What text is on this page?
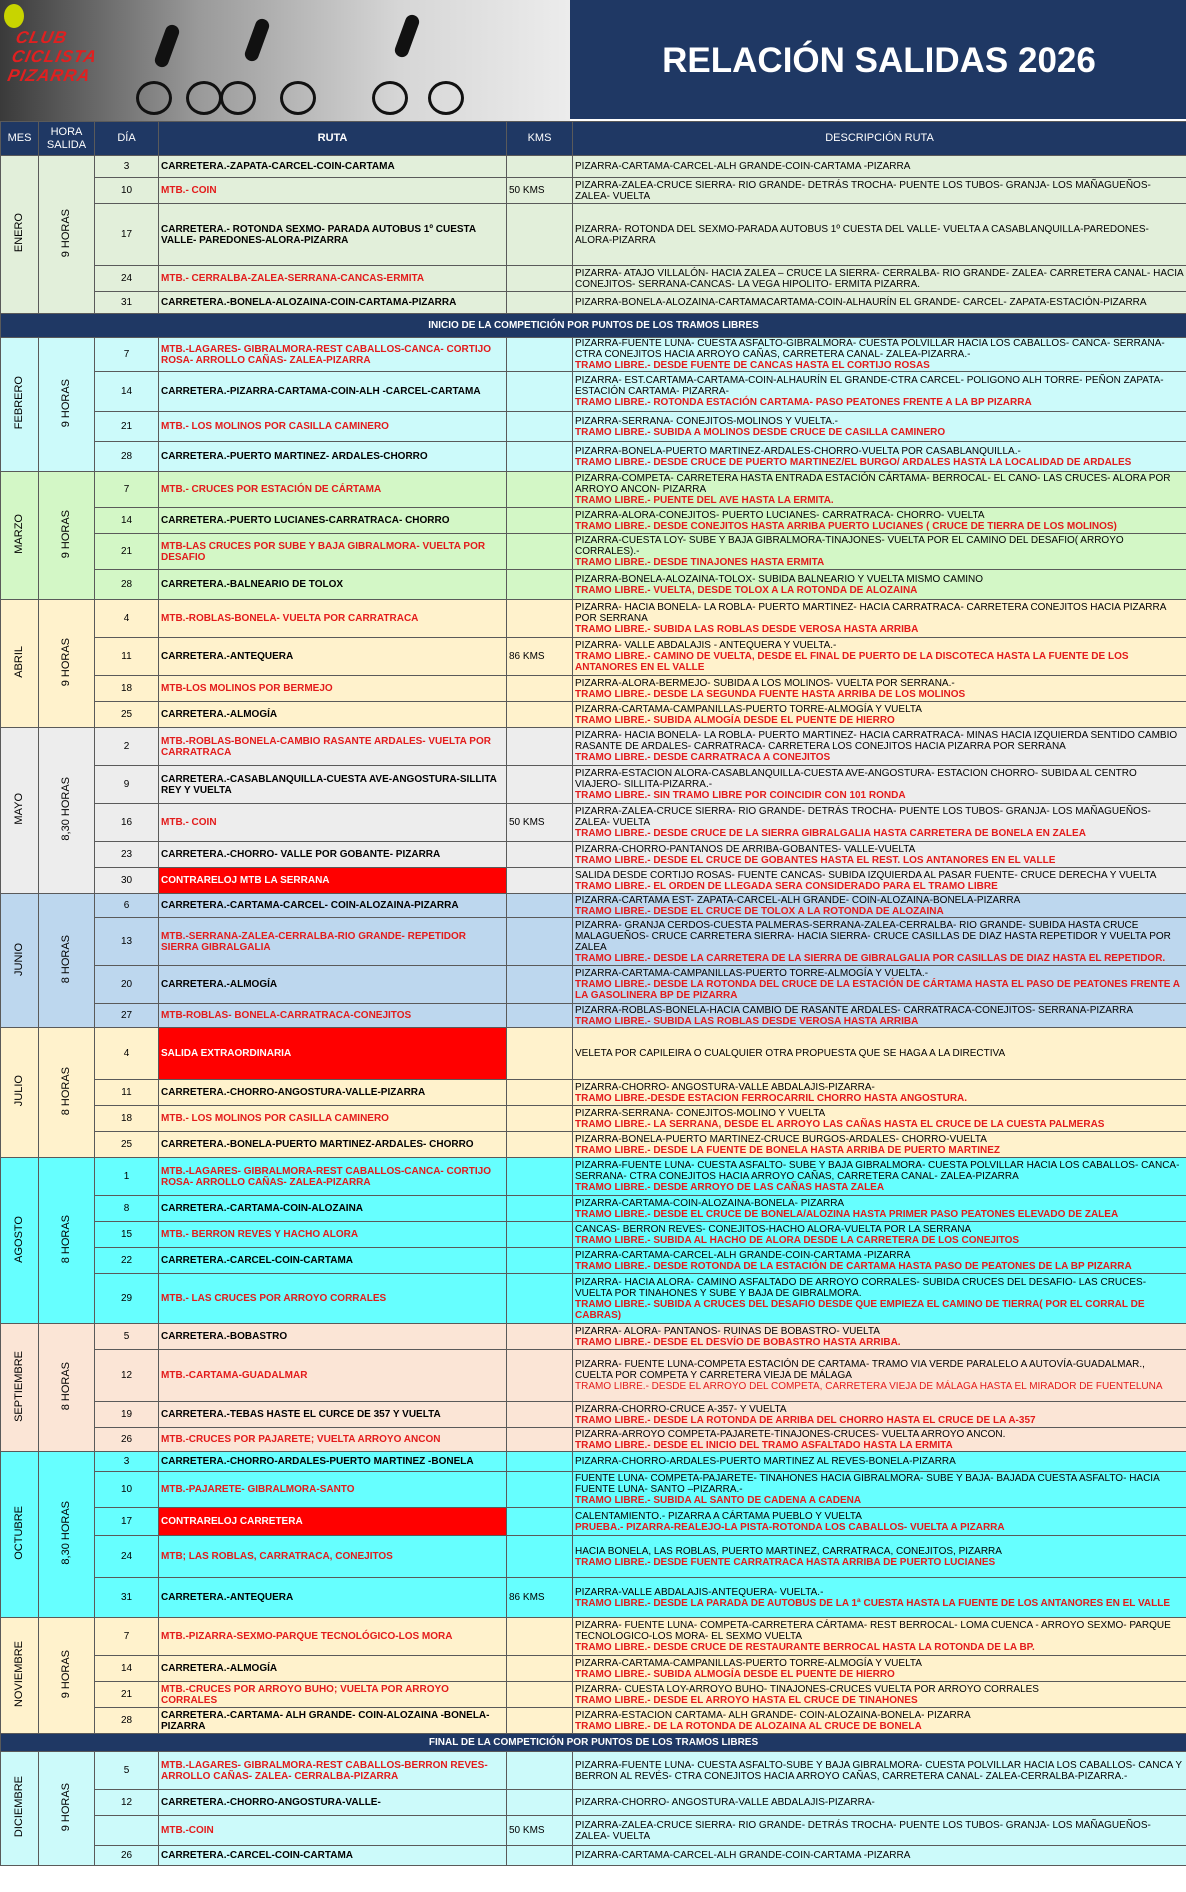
CLUB CICLISTA PIZARRA	RELACIÓN SALIDAS 2026
MES	HORA SALIDA	DÍA	RUTA	KMS	DESCRIPCIÓN RUTA
ENERO	9 HORAS	3	CARRETERA.-ZAPATA-CARCEL-COIN-CARTAMA		PIZARRA-CARTAMA-CARCEL-ALH GRANDE-COIN-CARTAMA -PIZARRA
		10	MTB.- COIN	50 KMS	PIZARRA-ZALEA-CRUCE SIERRA- RIO GRANDE- DETRÁS TROCHA- PUENTE LOS TUBOS- GRANJA- LOS MAÑAGUEÑOS- ZALEA- VUELTA
		17	CARRETERA.- ROTONDA SEXMO- PARADA AUTOBUS 1º CUESTA VALLE- PAREDONES-ALORA-PIZARRA		PIZARRA- ROTONDA DEL SEXMO-PARADA AUTOBUS 1º CUESTA DEL VALLE- VUELTA A CASABLANQUILLA-PAREDONES-ALORA-PIZARRA
		24	MTB.- CERRALBA-ZALEA-SERRANA-CANCAS-ERMITA		PIZARRA- ATAJO VILLALÓN- HACIA ZALEA – CRUCE LA SIERRA- CERRALBA- RIO GRANDE- ZALEA- CARRETERA CANAL- HACIA CONEJITOS- SERRANA-CANCAS- LA VEGA HIPOLITO- ERMITA PIZARRA.
		31	CARRETERA.-BONELA-ALOZAINA-COIN-CARTAMA-PIZARRA		PIZARRA-BONELA-ALOZAINA-CARTAMACARTAMA-COIN-ALHAURÍN EL GRANDE- CARCEL- ZAPATA-ESTACIÓN-PIZARRA
INICIO DE LA COMPETICIÓN POR PUNTOS DE LOS TRAMOS LIBRES					
FEBRERO	9 HORAS	7	MTB.-LAGARES- GIBRALMORA-REST CABALLOS-CANCA- CORTIJO ROSA- ARROLLO CAÑAS- ZALEA-PIZARRA		PIZARRA-FUENTE LUNA- CUESTA ASFALTO-GIBRALMORA- CUESTA POLVILLAR HACIA LOS CABALLOS- CANCA- SERRANA- CTRA CONEJITOS HACIA ARROYO CAÑAS, CARRETERA CANAL- ZALEA-PIZARRA.-
TRAMO LIBRE.- DESDE FUENTE DE CANCAS HASTA EL CORTIJO ROSAS

		14	CARRETERA.-PIZARRA-CARTAMA-COIN-ALH -CARCEL-CARTAMA		PIZARRA- EST.CARTAMA-CARTAMA-COIN-ALHAURÍN EL GRANDE-CTRA CARCEL- POLIGONO ALH TORRE- PEÑON ZAPATA- ESTACIÓN CARTAMA- PIZARRA-
TRAMO LIBRE.- ROTONDA ESTACIÓN CARTAMA- PASO PEATONES FRENTE A LA BP PIZARRA

		21	MTB.- LOS MOLINOS POR CASILLA CAMINERO		PIZARRA-SERRANA- CONEJITOS-MOLINOS Y VUELTA.-
TRAMO LIBRE.- SUBIDA A MOLINOS DESDE CRUCE DE CASILLA CAMINERO

		28	CARRETERA.-PUERTO MARTINEZ- ARDALES-CHORRO		PIZARRA-BONELA-PUERTO MARTINEZ-ARDALES-CHORRO-VUELTA POR CASABLANQUILLA.-
TRAMO LIBRE.- DESDE CRUCE DE PUERTO MARTINEZ/EL BURGO/ ARDALES HASTA LA LOCALIDAD DE ARDALES

MARZO	9 HORAS	7	MTB.- CRUCES POR ESTACIÓN DE CÁRTAMA		PIZARRA-COMPETA- CARRETERA HASTA ENTRADA ESTACIÓN CÁRTAMA- BERROCAL- EL CANO- LAS CRUCES- ALORA POR ARROYO ANCON- PIZARRA
TRAMO LIBRE.- PUENTE DEL AVE HASTA LA ERMITA.

		14	CARRETERA.-PUERTO LUCIANES-CARRATRACA- CHORRO		PIZARRA-ALORA-CONEJITOS- PUERTO LUCIANES- CARRATRACA- CHORRO- VUELTA
TRAMO LIBRE.- DESDE CONEJITOS HASTA ARRIBA PUERTO LUCIANES ( CRUCE DE TIERRA DE LOS MOLINOS)

		21	MTB-LAS CRUCES POR SUBE Y BAJA GIBRALMORA- VUELTA POR DESAFIO		PIZARRA-CUESTA LOY- SUBE Y BAJA GIBRALMORA-TINAJONES- VUELTA POR EL CAMINO DEL DESAFIO( ARROYO CORRALES).-
TRAMO LIBRE.- DESDE TINAJONES HASTA ERMITA

		28	CARRETERA.-BALNEARIO DE TOLOX		PIZARRA-BONELA-ALOZAINA-TOLOX- SUBIDA BALNEARIO Y VUELTA MISMO CAMINO
TRAMO LIBRE.- VUELTA, DESDE TOLOX A LA ROTONDA DE ALOZAINA

ABRIL	9 HORAS	4	MTB.-ROBLAS-BONELA- VUELTA POR CARRATRACA		PIZARRA- HACIA BONELA- LA ROBLA- PUERTO MARTINEZ- HACIA CARRATRACA- CARRETERA CONEJITOS HACIA PIZARRA POR SERRANA
TRAMO LIBRE.- SUBIDA LAS ROBLAS DESDE VEROSA HASTA ARRIBA

		11	CARRETERA.-ANTEQUERA	86 KMS	PIZARRA- VALLE ABDALAJIS - ANTEQUERA Y VUELTA.-
TRAMO LIBRE.- CAMINO DE VUELTA, DESDE EL FINAL DE PUERTO DE LA DISCOTECA HASTA LA FUENTE DE LOS ANTANORES EN EL VALLE

		18	MTB-LOS MOLINOS POR BERMEJO		PIZARRA-ALORA-BERMEJO- SUBIDA A LOS MOLINOS- VUELTA POR SERRANA.-
TRAMO LIBRE.- DESDE LA SEGUNDA FUENTE HASTA ARRIBA DE LOS MOLINOS

		25	CARRETERA.-ALMOGÍA		PIZARRA-CARTAMA-CAMPANILLAS-PUERTO TORRE-ALMOGÍA Y VUELTA
TRAMO LIBRE.- SUBIDA ALMOGÍA DESDE EL PUENTE DE HIERRO

MAYO	8,30 HORAS	2	MTB.-ROBLAS-BONELA-CAMBIO RASANTE ARDALES- VUELTA POR CARRATRACA		PIZARRA- HACIA BONELA- LA ROBLA- PUERTO MARTINEZ- HACIA CARRATRACA- MINAS HACIA IZQUIERDA SENTIDO CAMBIO RASANTE DE ARDALES- CARRATRACA- CARRETERA LOS CONEJITOS HACIA PIZARRA POR SERRANA
TRAMO LIBRE.- DESDE CARRATRACA A CONEJITOS

		9	CARRETERA.-CASABLANQUILLA-CUESTA AVE-ANGOSTURA-SILLITA REY Y VUELTA		PIZARRA-ESTACION ALORA-CASABLANQUILLA-CUESTA AVE-ANGOSTURA- ESTACION CHORRO- SUBIDA AL CENTRO VIAJERO- SILLITA-PIZARRA.-
TRAMO LIBRE.- SIN TRAMO LIBRE POR COINCIDIR CON 101 RONDA

		16	MTB.- COIN	50 KMS	PIZARRA-ZALEA-CRUCE SIERRA- RIO GRANDE- DETRÁS TROCHA- PUENTE LOS TUBOS- GRANJA- LOS MAÑAGUEÑOS- ZALEA- VUELTA
TRAMO LIBRE.- DESDE CRUCE DE LA SIERRA GIBRALGALIA HASTA CARRETERA DE BONELA EN ZALEA

		23	CARRETERA.-CHORRO- VALLE POR GOBANTE- PIZARRA		PIZARRA-CHORRO-PANTANOS DE ARRIBA-GOBANTES- VALLE-VUELTA
TRAMO LIBRE.- DESDE EL CRUCE DE GOBANTES HASTA EL REST. LOS ANTANORES EN EL VALLE

		30	CONTRARELOJ MTB LA SERRANA		SALIDA DESDE CORTIJO ROSAS- FUENTE CANCAS- SUBIDA IZQUIERDA AL PASAR FUENTE- CRUCE DERECHA Y VUELTA
TRAMO LIBRE.- EL ORDEN DE LLEGADA SERA CONSIDERADO PARA EL TRAMO LIBRE

JUNIO	8 HORAS	6	CARRETERA.-CARTAMA-CARCEL- COIN-ALOZAINA-PIZARRA		PIZARRA-CARTAMA EST- ZAPATA-CARCEL-ALH GRANDE- COIN-ALOZAINA-BONELA-PIZARRA
TRAMO LIBRE.- DESDE EL CRUCE DE TOLOX A LA ROTONDA DE ALOZAINA

		13	MTB.-SERRANA-ZALEA-CERRALBA-RIO GRANDE- REPETIDOR SIERRA GIBRALGALIA		PIZARRA- GRANJA CERDOS-CUESTA PALMERAS-SERRANA-ZALEA-CERRALBA- RIO GRANDE- SUBIDA HASTA CRUCE MALAGUEÑOS- CRUCE CARRETERA SIERRA- HACIA SIERRA- CRUCE CASILLAS DE DIAZ HASTA REPETIDOR Y VUELTA POR ZALEA
TRAMO LIBRE.- DESDE LA CARRETERA DE LA SIERRA DE GIBRALGALIA POR CASILLAS DE DIAZ HASTA EL REPETIDOR.

		20	CARRETERA.-ALMOGÍA		PIZARRA-CARTAMA-CAMPANILLAS-PUERTO TORRE-ALMOGÍA Y VUELTA.-
TRAMO LIBRE.- DESDE LA ROTONDA DEL CRUCE DE LA ESTACIÓN DE CÁRTAMA HASTA EL PASO DE PEATONES FRENTE A LA GASOLINERA BP DE PIZARRA

		27	MTB-ROBLAS- BONELA-CARRATRACA-CONEJITOS		PIZARRA-ROBLAS-BONELA-HACIA CAMBIO DE RASANTE ARDALES- CARRATRACA-CONEJITOS- SERRANA-PIZARRA
TRAMO LIBRE.- SUBIDA LAS ROBLAS DESDE VEROSA HASTA ARRIBA

JULIO	8 HORAS	4	SALIDA EXTRAORDINARIA		VELETA POR CAPILEIRA O CUALQUIER OTRA PROPUESTA QUE SE HAGA A LA DIRECTIVA
		11	CARRETERA.-CHORRO-ANGOSTURA-VALLE-PIZARRA		PIZARRA-CHORRO- ANGOSTURA-VALLE ABDALAJIS-PIZARRA-
TRAMO LIBRE.-DESDE ESTACION FERROCARRIL CHORRO HASTA ANGOSTURA.

		18	MTB.- LOS MOLINOS POR CASILLA CAMINERO		PIZARRA-SERRANA- CONEJITOS-MOLINO Y VUELTA
TRAMO LIBRE.- LA SERRANA, DESDE EL ARROYO LAS CAÑAS HASTA EL CRUCE DE LA CUESTA PALMERAS

		25	CARRETERA.-BONELA-PUERTO MARTINEZ-ARDALES- CHORRO		PIZARRA-BONELA-PUERTO MARTINEZ-CRUCE BURGOS-ARDALES- CHORRO-VUELTA
TRAMO LIBRE.- DESDE LA FUENTE DE BONELA HASTA ARRIBA DE PUERTO MARTINEZ

AGOSTO	8 HORAS	1	MTB.-LAGARES- GIBRALMORA-REST CABALLOS-CANCA- CORTIJO ROSA- ARROLLO CAÑAS- ZALEA-PIZARRA		PIZARRA-FUENTE LUNA- CUESTA ASFALTO- SUBE Y BAJA GIBRALMORA- CUESTA POLVILLAR HACIA LOS CABALLOS- CANCA- SERRANA- CTRA CONEJITOS HACIA ARROYO CAÑAS, CARRETERA CANAL- ZALEA-PIZARRA
TRAMO LIBRE.- DESDE ARROYO DE LAS CAÑAS HASTA ZALEA

		8	CARRETERA.-CARTAMA-COIN-ALOZAINA		PIZARRA-CARTAMA-COIN-ALOZAINA-BONELA- PIZARRA
TRAMO LIBRE.- DESDE EL CRUCE DE BONELA/ALOZINA HASTA PRIMER PASO PEATONES ELEVADO DE ZALEA

		15	MTB.- BERRON REVES Y HACHO ALORA		CANCAS- BERRON REVES- CONEJITOS-HACHO ALORA-VUELTA POR LA SERRANA
TRAMO LIBRE.- SUBIDA AL HACHO DE ALORA DESDE LA CARRETERA DE LOS CONEJITOS

		22	CARRETERA.-CARCEL-COIN-CARTAMA		PIZARRA-CARTAMA-CARCEL-ALH GRANDE-COIN-CARTAMA -PIZARRA
TRAMO LIBRE.- DESDE ROTONDA DE LA ESTACIÓN DE CARTAMA HASTA PASO DE PEATONES DE LA BP PIZARRA

		29	MTB.- LAS CRUCES POR ARROYO CORRALES		PIZARRA- HACIA ALORA- CAMINO ASFALTADO DE ARROYO CORRALES- SUBIDA CRUCES DEL DESAFIO- LAS CRUCES- VUELTA POR TINAHONES Y SUBE Y BAJA DE GIBRALMORA.
TRAMO LIBRE.- SUBIDA A CRUCES DEL DESAFIO DESDE QUE EMPIEZA EL CAMINO DE TIERRA( POR EL CORRAL DE CABRAS)

SEPTIEMBRE	8 HORAS	5	CARRETERA.-BOBASTRO		PIZARRA- ALORA- PANTANOS- RUINAS DE BOBASTRO- VUELTA
TRAMO LIBRE.- DESDE EL DESVÍO DE BOBASTRO HASTA ARRIBA.

		12	MTB.-CARTAMA-GUADALMAR		PIZARRA- FUENTE LUNA-COMPETA ESTACIÓN DE CARTAMA- TRAMO VIA VERDE PARALELO A AUTOVÍA-GUADALMAR., CUELTA POR COMPETA Y CARRETERA VIEJA DE MÁLAGA
TRAMO LIBRE.- DESDE EL ARROYO DEL COMPETA, CARRETERA VIEJA DE MÁLAGA HASTA EL MIRADOR DE FUENTELUNA

		19	CARRETERA.-TEBAS HASTE EL CURCE DE 357 Y VUELTA		PIZARRA-CHORRO-CRUCE A-357- Y VUELTA
TRAMO LIBRE.- DESDE LA ROTONDA DE ARRIBA DEL CHORRO HASTA EL CRUCE DE LA A-357

		26	MTB.-CRUCES POR PAJARETE; VUELTA ARROYO ANCON		PIZARRA-ARROYO COMPETA-PAJARETE-TINAJONES-CRUCES- VUELTA ARROYO ANCON.
TRAMO LIBRE.- DESDE EL INICIO DEL TRAMO ASFALTADO HASTA LA ERMITA

OCTUBRE	8,30 HORAS	3	CARRETERA.-CHORRO-ARDALES-PUERTO MARTINEZ -BONELA		PIZARRA-CHORRO-ARDALES-PUERTO MARTINEZ AL REVES-BONELA-PIZARRA
		10	MTB.-PAJARETE- GIBRALMORA-SANTO		FUENTE LUNA- COMPETA-PAJARETE- TINAHONES HACIA GIBRALMORA- SUBE Y BAJA- BAJADA CUESTA ASFALTO- HACIA FUENTE LUNA- SANTO –PIZARRA.-
TRAMO LIBRE.- SUBIDA AL SANTO DE CADENA A CADENA

		17	CONTRARELOJ CARRETERA		CALENTAMIENTO.- PIZARRA A CÁRTAMA PUEBLO Y VUELTA
PRUEBA.- PIZARRA-REALEJO-LA PISTA-ROTONDA LOS CABALLOS- VUELTA A PIZARRA

		24	MTB; LAS ROBLAS, CARRATRACA, CONEJITOS		HACIA BONELA, LAS ROBLAS, PUERTO MARTINEZ, CARRATRACA, CONEJITOS, PIZARRA
TRAMO LIBRE.- DESDE FUENTE CARRATRACA HASTA ARRIBA DE PUERTO LUCIANES

		31	CARRETERA.-ANTEQUERA	86 KMS	PIZARRA-VALLE ABDALAJIS-ANTEQUERA- VUELTA.-
TRAMO LIBRE.- DESDE LA PARADA DE AUTOBUS DE LA 1ª CUESTA HASTA LA FUENTE DE LOS ANTANORES EN EL VALLE

NOVIEMBRE	9 HORAS	7	MTB.-PIZARRA-SEXMO-PARQUE TECNOLÓGICO-LOS MORA		PIZARRA- FUENTE LUNA- COMPETA-CARRETERA CÁRTAMA- REST BERROCAL- LOMA CUENCA - ARROYO SEXMO- PARQUE TECNOLOGICO-LOS MORA- EL SEXMO VUELTA
TRAMO LIBRE.- DESDE CRUCE DE RESTAURANTE BERROCAL HASTA LA ROTONDA DE LA BP.

		14	CARRETERA.-ALMOGÍA		PIZARRA-CARTAMA-CAMPANILLAS-PUERTO TORRE-ALMOGÍA Y VUELTA
TRAMO LIBRE.- SUBIDA ALMOGÍA DESDE EL PUENTE DE HIERRO

		21	MTB.-CRUCES POR ARROYO BUHO; VUELTA POR ARROYO CORRALES		PIZARRA- CUESTA LOY-ARROYO BUHO- TINAJONES-CRUCES VUELTA POR ARROYO CORRALES
TRAMO LIBRE.- DESDE EL ARROYO HASTA EL CRUCE DE TINAHONES

		28	CARRETERA.-CARTAMA- ALH GRANDE- COIN-ALOZAINA -BONELA-PIZARRA		PIZARRA-ESTACION CARTAMA- ALH GRANDE- COIN-ALOZAINA-BONELA- PIZARRA
TRAMO LIBRE.- DE LA ROTONDA DE ALOZAINA AL CRUCE DE BONELA

FINAL DE LA COMPETICIÓN POR PUNTOS DE LOS TRAMOS LIBRES					
DICIEMBRE	9 HORAS	5	MTB.-LAGARES- GIBRALMORA-REST CABALLOS-BERRON REVES- ARROLLO CAÑAS- ZALEA- CERRALBA-PIZARRA		PIZARRA-FUENTE LUNA- CUESTA ASFALTO-SUBE Y BAJA GIBRALMORA- CUESTA POLVILLAR HACIA LOS CABALLOS- CANCA Y BERRON AL REVÉS- CTRA CONEJITOS HACIA ARROYO CAÑAS, CARRETERA CANAL- ZALEA-CERRALBA-PIZARRA.-
		12	CARRETERA.-CHORRO-ANGOSTURA-VALLE-		PIZARRA-CHORRO- ANGOSTURA-VALLE ABDALAJIS-PIZARRA-
			MTB.-COIN	50 KMS	PIZARRA-ZALEA-CRUCE SIERRA- RIO GRANDE- DETRÁS TROCHA- PUENTE LOS TUBOS- GRANJA- LOS MAÑAGUEÑOS- ZALEA- VUELTA
		26	CARRETERA.-CARCEL-COIN-CARTAMA		PIZARRA-CARTAMA-CARCEL-ALH GRANDE-COIN-CARTAMA -PIZARRA
